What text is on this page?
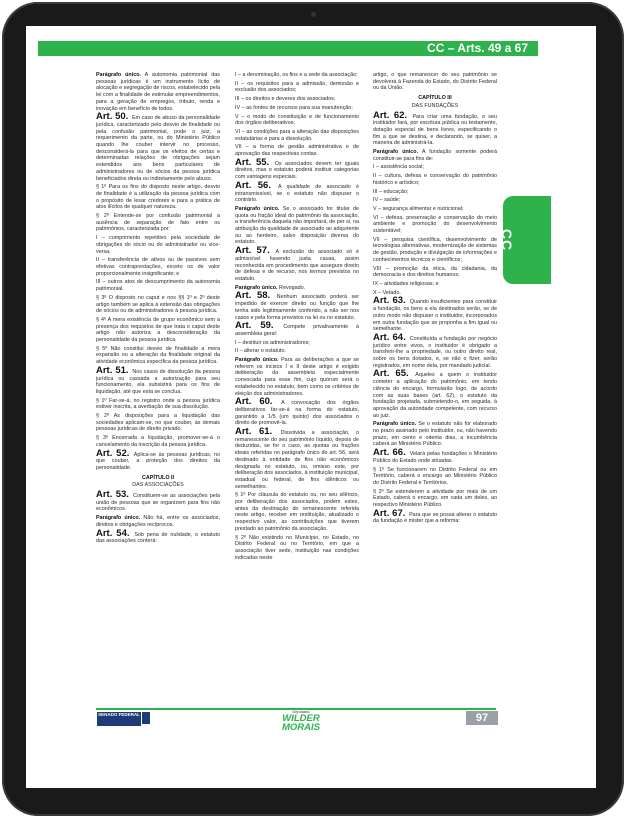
CC – Arts. 49 a 67
CC

Parágrafo único. A autonomia patrimonial das pessoas jurídicas é um instrumento lícito de alocação e segregação de riscos, estabelecido pela lei com a finalidade de estimular empreendimentos, para a geração de empregos, tributo, renda e inovação em benefício de todos.

Art. 50. Em caso de abuso da personalidade jurídica, caracterizado pelo desvio de finalidade ou pela confusão patrimonial, pode o juiz, a requerimento da parte, ou do Ministério Público quando lhe couber intervir no processo, desconsiderá-la para que os efeitos de certas e determinadas relações de obrigações sejam estendidos aos bens particulares de administradores ou de sócios da pessoa jurídica beneficiados direta ou indiretamente pelo abuso.

§ 1º Para os fins do disposto neste artigo, desvio de finalidade é a utilização da pessoa jurídica com o propósito de lesar credores e para a prática de atos ilícitos de qualquer natureza.

§ 2º Entende-se por confusão patrimonial a ausência de separação de fato entre os patrimônios, caracterizada por:

I – cumprimento repetitivo pela sociedade de obrigações do sócio ou do administrador ou vice-versa;

II – transferência de ativos ou de passivos sem efetivas contraprestações, exceto os de valor proporcionalmente insignificante; e

III – outros atos de descumprimento da autonomia patrimonial.

§ 3º O disposto no caput e nos §§ 1º e 2º deste artigo também se aplica à extensão das obrigações de sócios ou de administradores à pessoa jurídica.

§ 4º A mera existência de grupo econômico sem a presença dos requisitos de que trata o caput deste artigo não autoriza a desconsideração da personalidade da pessoa jurídica.

§ 5º Não constitui desvio de finalidade a mera expansão ou a alteração da finalidade original da atividade econômica específica da pessoa jurídica.

Art. 51. Nos casos de dissolução da pessoa jurídica ou cassada a autorização para seu funcionamento, ela subsistirá para os fins de liquidação, até que esta se conclua.

§ 1º Far-se-á, no registro onde a pessoa jurídica estiver inscrita, a averbação de sua dissolução.

§ 2º As disposições para a liquidação das sociedades aplicam-se, no que couber, às demais pessoas jurídicas de direito privado.

§ 3º Encerrada a liquidação, promover-se-á o cancelamento da inscrição da pessoa jurídica.

Art. 52. Aplica-se às pessoas jurídicas, no que couber, a proteção dos direitos da personalidade.

CAPÍTULO II
DAS ASSOCIAÇÕES

Art. 53. Constituem-se as associações pela união de pessoas que se organizem para fins não econômicos.

Parágrafo único. Não há, entre os associados, direitos e obrigações recíprocos.

Art. 54. Sob pena de nulidade, o estatuto das associações conterá:

I – a denominação, os fins e a sede da associação;

II – os requisitos para a admissão, demissão e exclusão dos associados;

III – os direitos e deveres dos associados;

IV – as fontes de recursos para sua manutenção;

V – o modo de constituição e de funcionamento dos órgãos deliberativos;

VI – as condições para a alteração das disposições estatutárias e para a dissolução.

VII – a forma de gestão administrativa e de aprovação das respectivas contas.

Art. 55. Os associados devem ter iguais direitos, mas o estatuto poderá instituir categorias com vantagens especiais.

Art. 56. A qualidade de associado é intransmissível, se o estatuto não dispuser o contrário.

Parágrafo único. Se o associado for titular de quota ou fração ideal do patrimônio da associação, a transferência daquela não importará, de per si, na atribuição da qualidade de associado ao adquirente ou ao herdeiro, salvo disposição diversa do estatuto.

Art. 57. A exclusão do associado só é admissível havendo justa causa, assim reconhecida em procedimento que assegure direito de defesa e de recurso, nos termos previstos no estatuto.

Parágrafo único. Revogado.

Art. 58. Nenhum associado poderá ser impedido de exercer direito ou função que lhe tenha sido legitimamente conferido, a não ser nos casos e pela forma previstos na lei ou no estatuto.

Art. 59. Compete privativamente à assembleia geral:

I – destituir os administradores;

II – alterar o estatuto.

Parágrafo único. Para as deliberações a que se referem os incisos I e II deste artigo é exigido deliberação da assembleia especialmente convocada para esse fim, cujo quórum será o estabelecido no estatuto, bem como os critérios de eleição dos administradores.

Art. 60. A convocação dos órgãos deliberativos far-se-á na forma do estatuto, garantido a 1/5 (um quinto) dos associados o direito de promovê-la.

Art. 61. Dissolvida a associação, o remanescente do seu patrimônio líquido, depois de deduzidas, se for o caso, as quotas ou frações ideais referidas no parágrafo único do art. 56, será destinado à entidade de fins não econômicos designada no estatuto, ou, omisso este, por deliberação dos associados, à instituição municipal, estadual ou federal, de fins idênticos ou semelhantes.

§ 1º Por cláusula do estatuto ou, no seu silêncio, por deliberação dos associados, podem estes, antes da destinação do remanescente referida neste artigo, receber em restituição, atualizado o respectivo valor, as contribuições que tiverem prestado ao patrimônio da associação.

§ 2º Não existindo no Município, no Estado, no Distrito Federal ou no Território, em que a associação tiver sede, instituição nas condições indicadas neste

artigo, o que remanescer do seu patrimônio se devolverá à Fazenda do Estado, do Distrito Federal ou da União.

CAPÍTULO III
DAS FUNDAÇÕES

Art. 62. Para criar uma fundação, o seu instituidor fará, por escritura pública ou testamento, dotação especial de bens livres, especificando o fim a que se destina, e declarando, se quiser, a maneira de administrá-la.

Parágrafo único. A fundação somente poderá constituir-se para fins de:

I – assistência social;

II – cultura, defesa e conservação do patrimônio histórico e artístico;

III – educação;

IV – saúde;

V – segurança alimentar e nutricional;

VI – defesa, preservação e conservação do meio ambiente e promoção do desenvolvimento sustentável;

VII – pesquisa científica, desenvolvimento de tecnologias alternativas, modernização de sistemas de gestão, produção e divulgação de informações e conhecimentos técnicos e científicos;

VIII – promoção da ética, da cidadania, da democracia e dos direitos humanos;

IX – atividades religiosas; e

X – Vetado.

Art. 63. Quando insuficientes para constituir a fundação, os bens a ela destinados serão, se de outro modo não dispuser o instituidor, incorporados em outra fundação que se proponha a fim igual ou semelhante.

Art. 64. Constituída a fundação por negócio jurídico entre vivos, o instituidor é obrigado a transferir-lhe a propriedade, ou outro direito real, sobre os bens dotados, e, se não o fizer, serão registrados, em nome dela, por mandado judicial.

Art. 65. Aqueles a quem o instituidor cometer a aplicação do patrimônio, em tendo ciência do encargo, formularão logo, de acordo com as suas bases (art. 62), o estatuto da fundação projetada, submetendo-o, em seguida, à aprovação da autoridade competente, com recurso ao juiz.

Parágrafo único. Se o estatuto não for elaborado no prazo assinado pelo instituidor, ou, não havendo prazo, em cento e oitenta dias, a incumbência caberá ao Ministério Público.

Art. 66. Velará pelas fundações o Ministério Público do Estado onde situadas.

§ 1º Se funcionarem no Distrito Federal ou em Território, caberá o encargo ao Ministério Público do Distrito Federal e Territórios.

§ 2º Se estenderem a atividade por mais de um Estado, caberá o encargo, em cada um deles, ao respectivo Ministério Público.

Art. 67. Para que se possa alterar o estatuto da fundação é mister que a reforma:

SENADO FEDERAL
Deputado
WILDER
MORAIS
97
